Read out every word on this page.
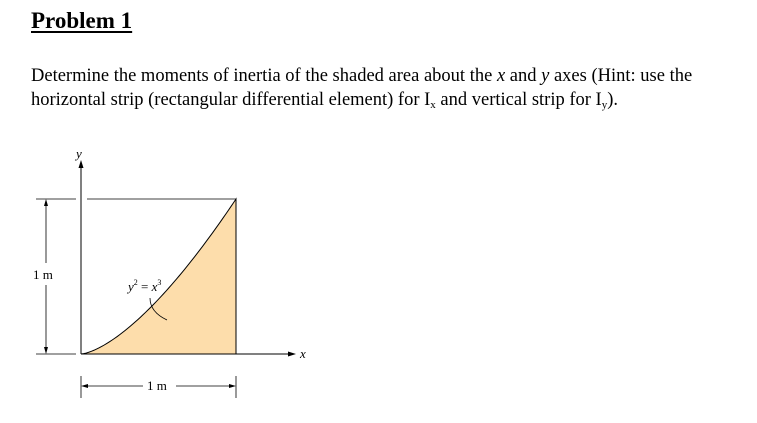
Problem 1
Determine the moments of inertia of the shaded area about the x and y axes (Hint: use the
horizontal strip (rectangular differential element) for Ix and vertical strip for Iy).
y
x
1 m
1 m
$y^2 = x^3$
